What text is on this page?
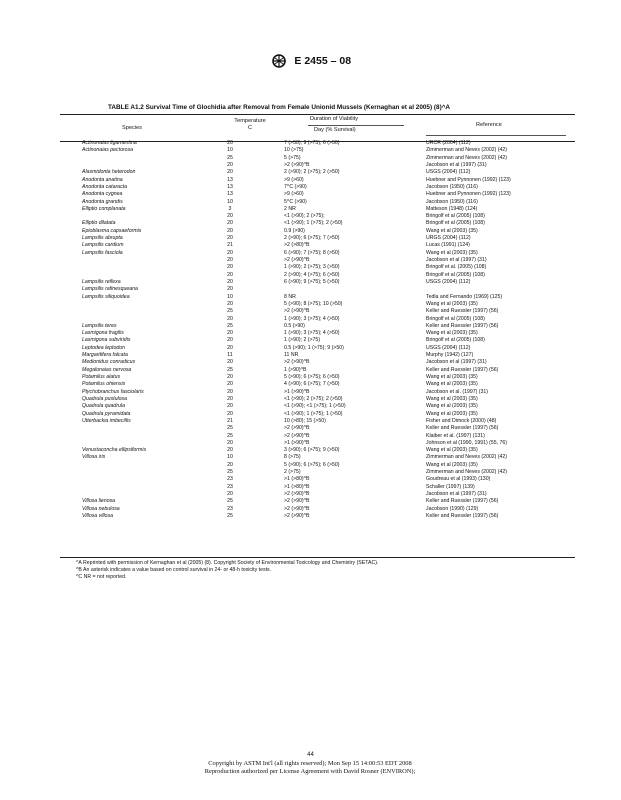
E 2455 – 08
TABLE A1.2 Survival Time of Glochidia after Removal from Female Unionid Mussels (Kernaghan et al 2005) (8)^A
Species
Temperature
C
Duration of Viability
Day (% Survival)
Reference
Actinonaias ligamentina	20	7 (>50); 9 (>75); 6 (>50)	URCR (2004) (112)
Actinonaias pectorosa	10	10 (>75)	Zimmerman and Neves (2002) (42)
25	5 (>75)	Zimmerman and Neves (2002) (42)
20	>2 (>90)^B	Jacobson et al (1997) (31)
Alasmidonta heterodon	20	2 (>90); 2 (>75); 2 (>50)	USGS (2004) (112)
Anodonta anatina	13	>9 (>60)	Huebner and Pynnonen (1992) (123)
Anodonta cataracta	13	7^C (>90)	Jacobson (1950) (116)
Anodonta cygnea	13	>9 (>60)	Huebner and Pynnonen (1992) (123)
Anodonta grandis	10	5^C (>90)	Jacobson (1950) (116)
Elliptio complanata	3	2 NR	Matteson (1948) (124)
20	<1 (>90); 2 (>75);	Bringolf et al (2005) (108)
Elliptio dilatata	20	<1 (>90); 1 (>75); 2 (>50)	Bringolf et al (2005) (108)
Epioblasma capsaeformis	20	0.9 (>90)	Wang et al (2003) (35)
Lampsilis abrupta	20	2 (>90); 6 (>75); 7 (>50)	URGS (2004) (112)
Lampsilis cardium	21	>2 (>80)^B	Lucas (1991) (124)
Lampsilis fasciola	20	6 (>90); 7 (>75); 8 (>50)	Wang et al (2003) (35)
20	>2 (>90)^B	Jacobson et al (1997) (31)
20	1 (>90); 2 (>75); 3 (>50)	Bringolf et al. (2005) (108)
20	2 (>90); 4 (>75); 6 (>50)	Bringolf et al (2005) (108)
Lampsilis reflexa	20	6 (>90); 9 (>75); 5 (>50)	USGS (2004) (112)
Lampsilis rafinesqueana	20
Lampsilis siliquoidea	10	8 NR	Tedla and Fernando (1969) (125)
20	5 (>90); 8 (>75); 10 (>50)	Wang et al (2003) (35)
25	>2 (>90)^B	Keller and Ruessler (1997) (56)
20	1 (>90); 3 (>75); 4 (>50)	Bringolf et al (2005) (108)
Lampsilis teres	25	0.5 (>90)	Keller and Ruessler (1997) (56)
Lasmigona fragilis	20	1 (>90); 3 (>75); 4 (>50)	Wang et al (2003) (35)
Lasmigona subviridis	20	1 (>90); 2 (>75)	Bringolf et al (2005) (108)
Leptodea leptodon	20	0.5 (>90); 1 (>75); 9 (>50)	USGS (2004) (112)
Margaritifera falcata	11	11 NR	Murphy (1942) (127)
Medionidus conradicus	20	>2 (>90)^B	Jacobson et al (1997) (31)
Megalonaias nervosa	25	1 (>90)^B	Keller and Ruessler (1997) (56)
Potamilus alatus	20	5 (>90); 6 (>75); 6 (>50)	Wang et al (2003) (35)
Potamilus ohiensis	20	4 (>90); 6 (>75); 7 (>50)	Wang et al (2003) (35)
Ptychobranchus fasciolaris	20	>1 (>90)^B	Jacobson et al. (1997) (31)
Quadrula pustulosa	20	<1 (>90); 2 (>75); 2 (>50)	Wang et al (2003) (35)
Quadrula quadrula	20	<1 (>90); <1 (>75); 1 (>50)	Wang et al (2003) (35)
Quadrula pyramidata	20	<1 (>90); 1 (>75); 1 (>50)	Wang et al (2003) (35)
Utterbackia imbecillis	21	10 (>80); 15 (>50)	Fisher and Dimock (2000) (48)
25	>2 (>90)^B	Keller and Ruessler (1997) (56)
25	>2 (>90)^B	Klaiber et al. (1997) (131)
20	>1 (>90)^B	Johnson et al (1990, 1991) (55, 76)
Venustaconcha ellipsiformis	20	3 (>90); 6 (>75); 9 (>50)	Wang et al (2003) (35)
Villosa iris	10	8 (>75)	Zimmerman and Neves (2002) (42)
20	5 (>90); 6 (>75); 6 (>50)	Wang et al (2003) (35)
25	2 (>75)	Zimmerman and Neves (2002) (42)
23	>1 (>80)^B	Goudreau et al (1993) (130)
23	>1 (>80)^B	Schaller (1997) (139)
20	>2 (>90)^B	Jacobson et al (1997) (31)
Villosa lienosa	25	>2 (>90)^B	Keller and Ruessler (1997) (56)
Villosa nebulosa	23	>2 (>90)^B	Jacobson (1990) (129)
Villosa villosa	25	>2 (>90)^B	Keller and Ruessler (1997) (56)
^A Reprinted with permission of Kernaghan et al (2005) (8). Copyright Society of Environmental Toxicology and Chemistry (SETAC).
^B An asterisk indicates a value based on control survival in 24- or 48-h toxicity tests.
^C NR = not reported.
44
Copyright by ASTM Int'l (all rights reserved); Mon Sep 15 14:00:53 EDT 2008
Reproduction authorized per License Agreement with David Rosner (ENVIRON);
